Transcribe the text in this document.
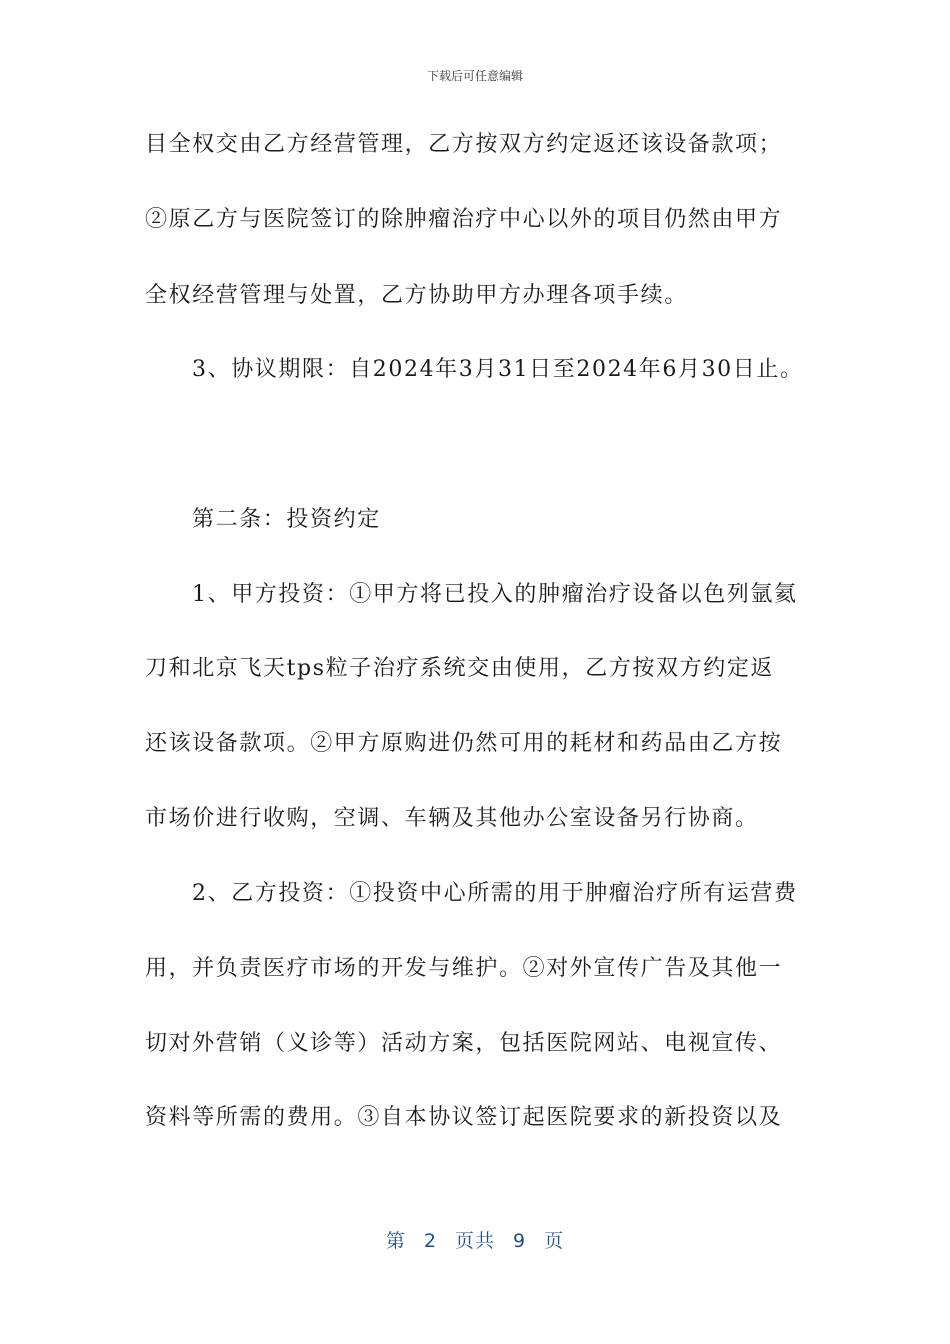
下载后可任意编辑
目全权交由乙方经营管理，乙方按双方约定返还该设备款项；
②原乙方与医院签订的除肿瘤治疗中心以外的项目仍然由甲方
全权经营管理与处置，乙方协助甲方办理各项手续。
3、协议期限：自2024年3月31日至2024年6月30日止。
第二条：投资约定
1、甲方投资：①甲方将已投入的肿瘤治疗设备以色列氩氦
刀和北京飞天tps粒子治疗系统交由使用，乙方按双方约定返
还该设备款项。②甲方原购进仍然可用的耗材和药品由乙方按
市场价进行收购，空调、车辆及其他办公室设备另行协商。
2、乙方投资：①投资中心所需的用于肿瘤治疗所有运营费
用，并负责医疗市场的开发与维护。②对外宣传广告及其他一
切对外营销（义诊等）活动方案，包括医院网站、电视宣传、
资料等所需的费用。③自本协议签订起医院要求的新投资以及
第 2 页共 9 页
